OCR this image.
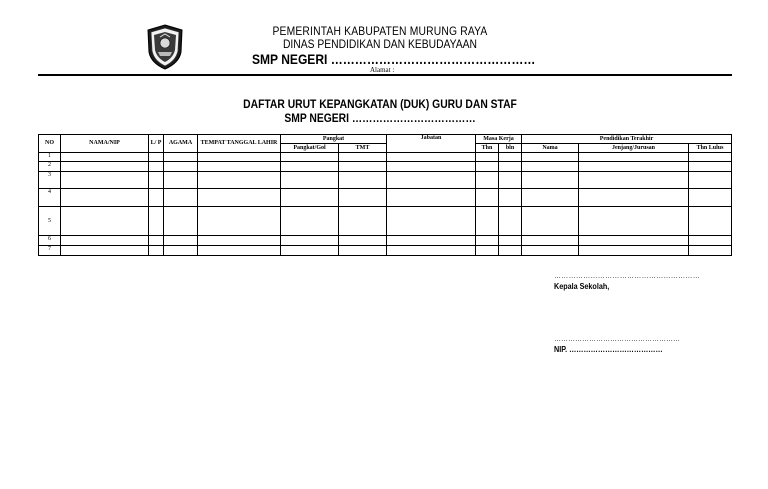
PEMERINTAH KABUPATEN MURUNG RAYA
DINAS PENDIDIKAN DAN KEBUDAYAAN
SMP NEGERI ……………………………………………
Alamat :
DAFTAR URUT KEPANGKATAN (DUK) GURU DAN STAF
SMP NEGERI ………………………………
NO	NAMA/NIP	L/ P	AGAMA	TEMPAT TANGGAL LAHIR	Pangkat		Jabatan	Masa Kerja		Pendidikan Terakhir		
					Pangkat/Gol	TMT		Thn	bln	Nama	Jenjang/Jurusan	Thn Lulus
1												
2												
3												
4												
5												
6												
7												
……………………………………………………
Kepala Sekolah,
………………………………………………
NIP. …………………………………
